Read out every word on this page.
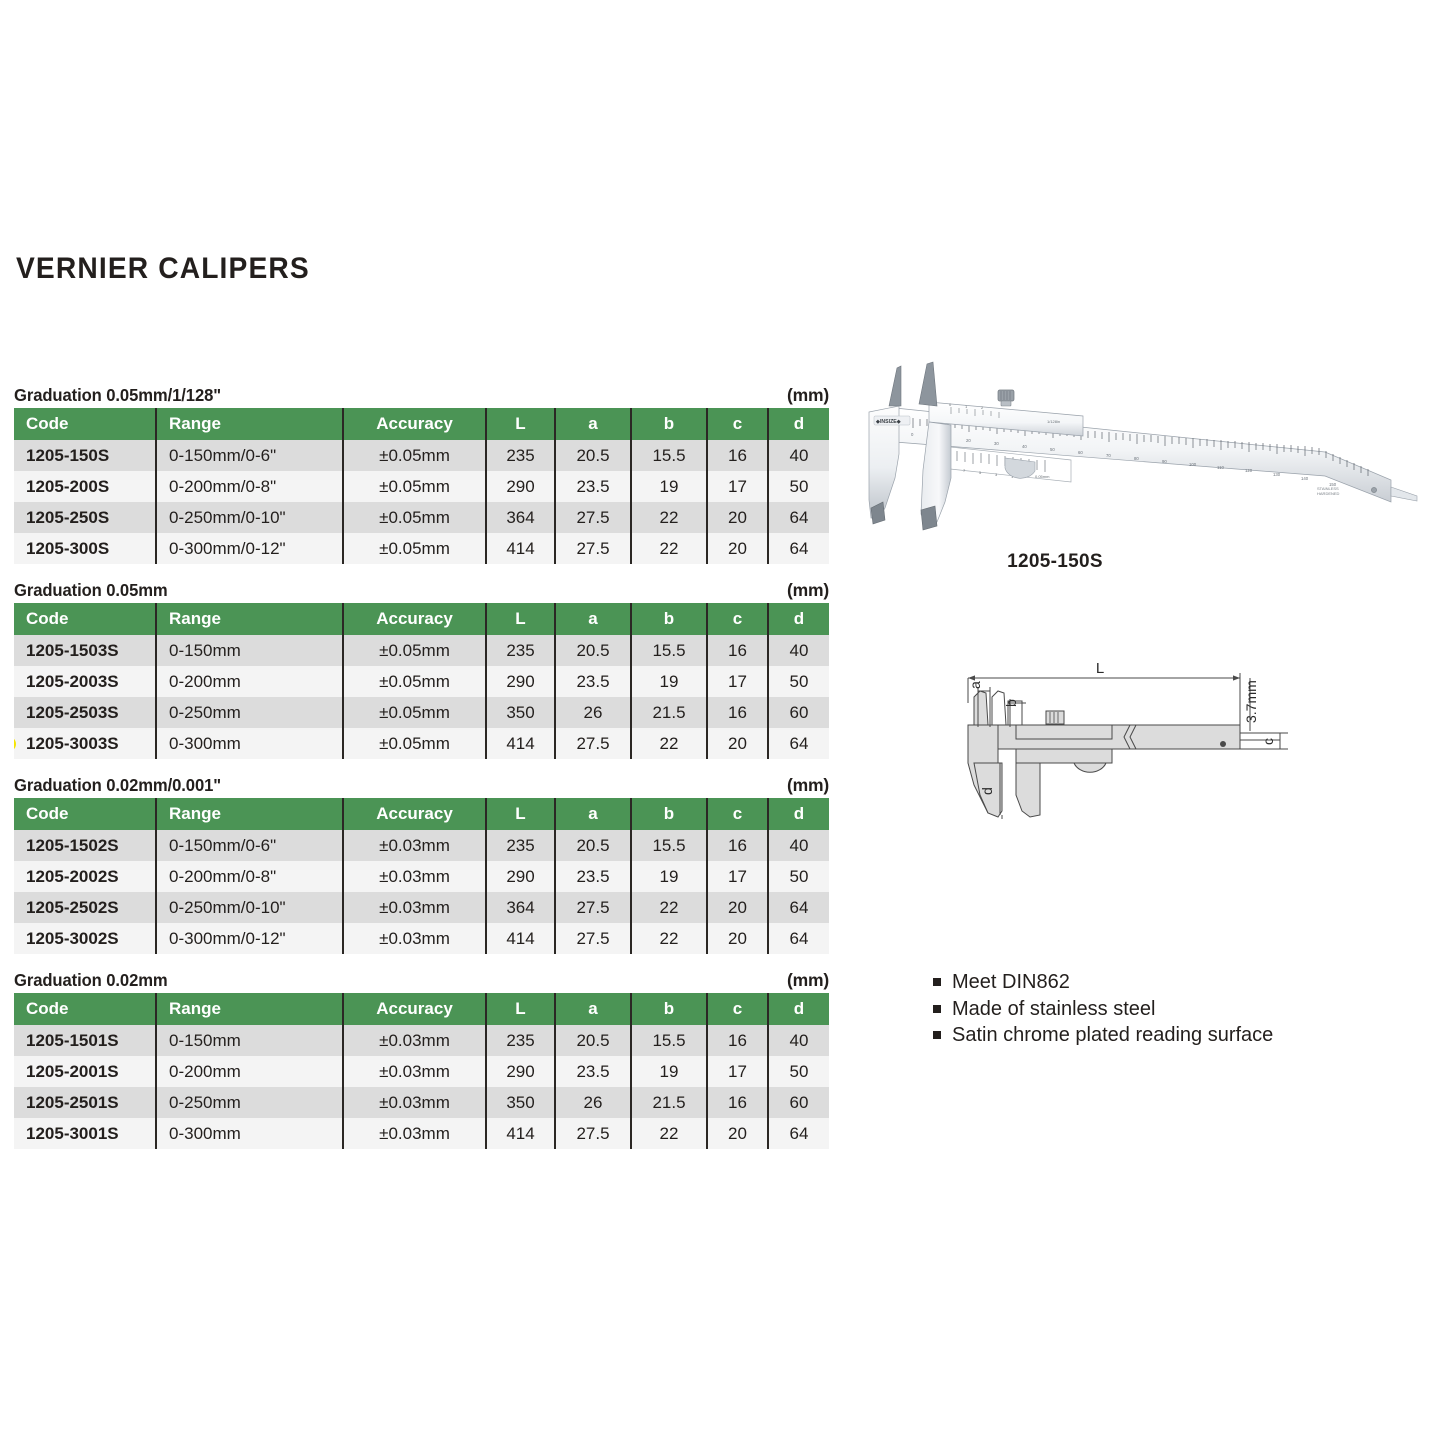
VERNIER CALIPERS
Graduation 0.05mm/1/128"	(mm)
Code	Range	Accuracy	L	a	b	c	d
1205-150S	0-150mm/0-6"	±0.05mm	235	20.5	15.5	16	40
1205-200S	0-200mm/0-8"	±0.05mm	290	23.5	19	17	50
1205-250S	0-250mm/0-10"	±0.05mm	364	27.5	22	20	64
1205-300S	0-300mm/0-12"	±0.05mm	414	27.5	22	20	64
Graduation 0.05mm	(mm)
Code	Range	Accuracy	L	a	b	c	d
1205-1503S	0-150mm	±0.05mm	235	20.5	15.5	16	40
1205-2003S	0-200mm	±0.05mm	290	23.5	19	17	50
1205-2503S	0-250mm	±0.05mm	350	26	21.5	16	60

1205-3003S	0-300mm	±0.05mm	414	27.5	22	20	64
Graduation 0.02mm/0.001"	(mm)
Code	Range	Accuracy	L	a	b	c	d
1205-1502S	0-150mm/0-6"	±0.03mm	235	20.5	15.5	16	40
1205-2002S	0-200mm/0-8"	±0.03mm	290	23.5	19	17	50
1205-2502S	0-250mm/0-10"	±0.03mm	364	27.5	22	20	64
1205-3002S	0-300mm/0-12"	±0.03mm	414	27.5	22	20	64
Graduation 0.02mm	(mm)
Code	Range	Accuracy	L	a	b	c	d
1205-1501S	0-150mm	±0.03mm	235	20.5	15.5	16	40
1205-2001S	0-200mm	±0.03mm	290	23.5	19	17	50
1205-2501S	0-250mm	±0.03mm	350	26	21.5	16	60
1205-3001S	0-300mm	±0.03mm	414	27.5	22	20	64
0
20
30
40
50
60
70
80
90
100
110
120
130
140
150
◆INSIZE◆
0	1	2
1/128in
7	5	3	0.05mm
STAINLESS
HARDENED
1205-150S
L
a
b
d
c
3.7mm
Meet DIN862
Made of stainless steel
Satin chrome plated reading surface
